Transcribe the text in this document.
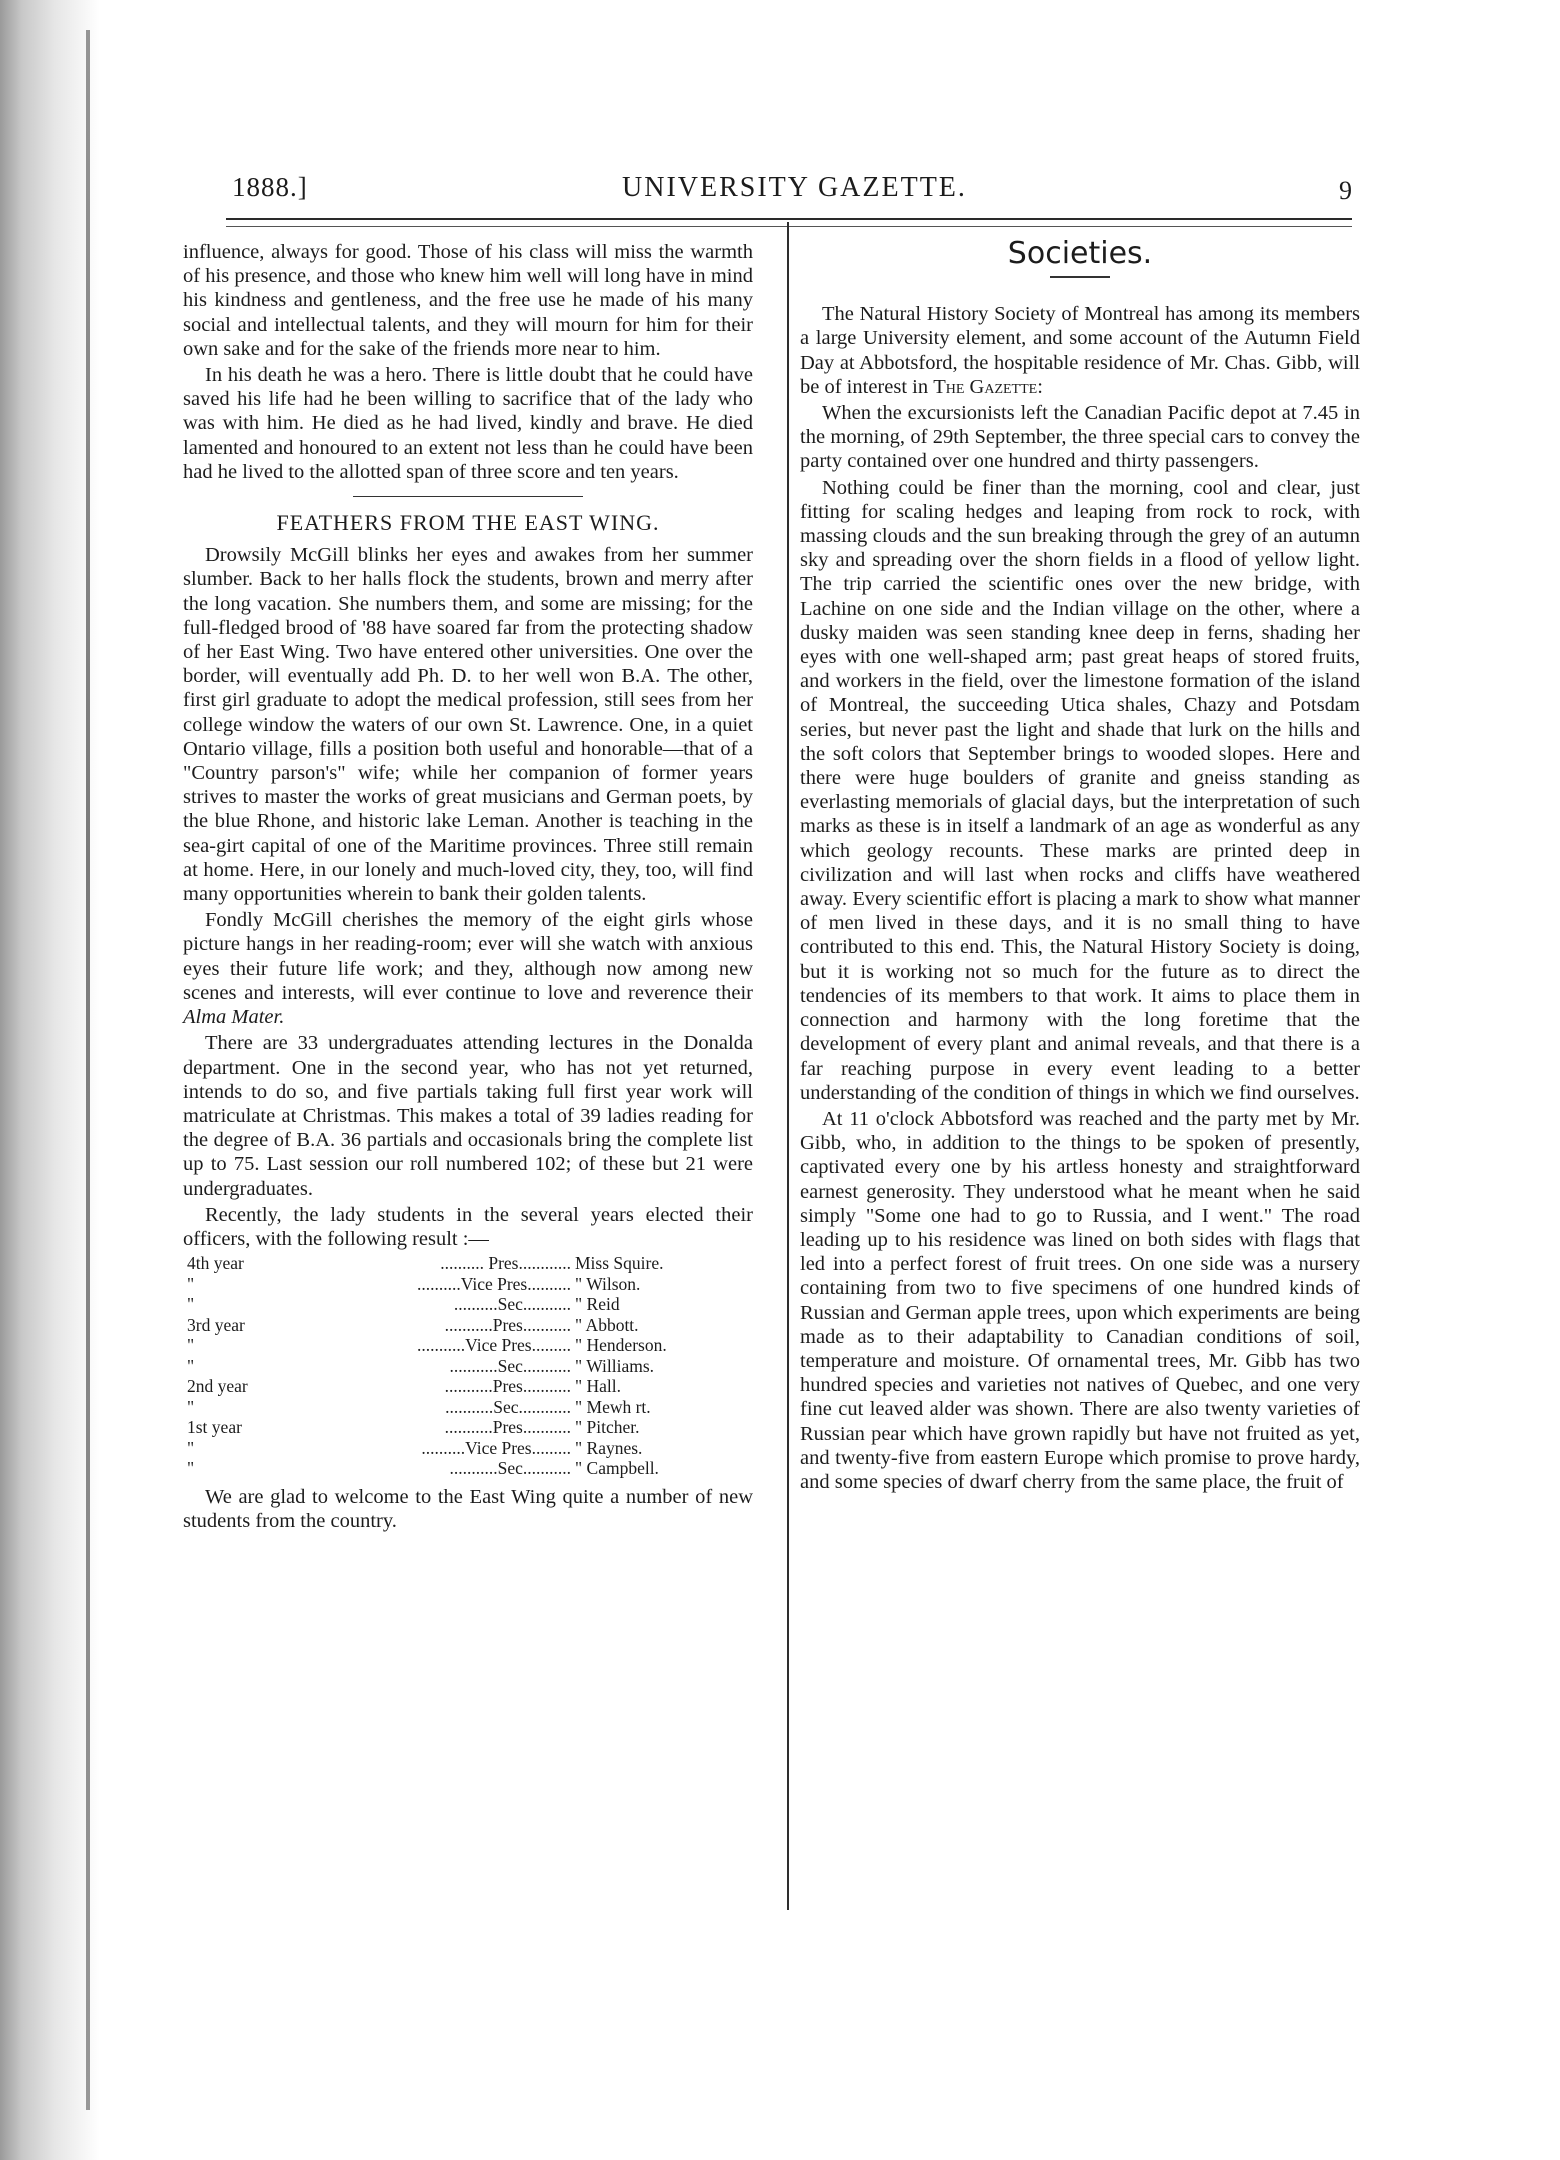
1888.]	UNIVERSITY GAZETTE.	9

influence, always for good. Those of his class will miss the warmth of his presence, and those who knew him well will long have in mind his kindness and gentleness, and the free use he made of his many social and intellectual talents, and they will mourn for him for their own sake and for the sake of the friends more near to him.

In his death he was a hero. There is little doubt that he could have saved his life had he been willing to sacrifice that of the lady who was with him. He died as he had lived, kindly and brave. He died lamented and honoured to an extent not less than he could have been had he lived to the allotted span of three score and ten years.

FEATHERS FROM THE EAST WING.

Drowsily McGill blinks her eyes and awakes from her summer slumber. Back to her halls flock the students, brown and merry after the long vacation. She numbers them, and some are missing; for the full-fledged brood of '88 have soared far from the protecting shadow of her East Wing. Two have entered other universities. One over the border, will eventually add Ph. D. to her well won B.A. The other, first girl graduate to adopt the medical profession, still sees from her college window the waters of our own St. Lawrence. One, in a quiet Ontario village, fills a position both useful and honorable—that of a "Country parson's" wife; while her companion of former years strives to master the works of great musicians and German poets, by the blue Rhone, and historic lake Leman. Another is teaching in the sea-girt capital of one of the Maritime provinces. Three still remain at home. Here, in our lonely and much-loved city, they, too, will find many opportunities wherein to bank their golden talents.

Fondly McGill cherishes the memory of the eight girls whose picture hangs in her reading-room; ever will she watch with anxious eyes their future life work; and they, although now among new scenes and interests, will ever continue to love and reverence their Alma Mater.

There are 33 undergraduates attending lectures in the Donalda department. One in the second year, who has not yet returned, intends to do so, and five partials taking full first year work will matriculate at Christmas. This makes a total of 39 ladies reading for the degree of B.A. 36 partials and occasionals bring the complete list up to 75. Last session our roll numbered 102; of these but 21 were undergraduates.

Recently, the lady students in the several years elected their officers, with the following result :—

4th year	.......... Pres............	Miss Squire.
"	..........Vice Pres..........	" Wilson.
"	..........Sec...........	" Reid
3rd year	...........Pres...........	" Abbott.
"	...........Vice Pres.........	" Henderson.
"	...........Sec...........	" Williams.
2nd year	...........Pres...........	" Hall.
"	...........Sec............	" Mewh rt.
1st year	...........Pres...........	" Pitcher.
"	..........Vice Pres.........	" Raynes.
"	...........Sec...........	" Campbell.

We are glad to welcome to the East Wing quite a number of new students from the country.

Societies.

The Natural History Society of Montreal has among its members a large University element, and some account of the Autumn Field Day at Abbotsford, the hospitable residence of Mr. Chas. Gibb, will be of interest in The Gazette:

When the excursionists left the Canadian Pacific depot at 7.45 in the morning, of 29th September, the three special cars to convey the party contained over one hundred and thirty passengers.

Nothing could be finer than the morning, cool and clear, just fitting for scaling hedges and leaping from rock to rock, with massing clouds and the sun breaking through the grey of an autumn sky and spreading over the shorn fields in a flood of yellow light. The trip carried the scientific ones over the new bridge, with Lachine on one side and the Indian village on the other, where a dusky maiden was seen standing knee deep in ferns, shading her eyes with one well-shaped arm; past great heaps of stored fruits, and workers in the field, over the limestone formation of the island of Montreal, the succeeding Utica shales, Chazy and Potsdam series, but never past the light and shade that lurk on the hills and the soft colors that September brings to wooded slopes. Here and there were huge boulders of granite and gneiss standing as everlasting memorials of glacial days, but the interpretation of such marks as these is in itself a landmark of an age as wonderful as any which geology recounts. These marks are printed deep in civilization and will last when rocks and cliffs have weathered away. Every scientific effort is placing a mark to show what manner of men lived in these days, and it is no small thing to have contributed to this end. This, the Natural History Society is doing, but it is working not so much for the future as to direct the tendencies of its members to that work. It aims to place them in connection and harmony with the long foretime that the development of every plant and animal reveals, and that there is a far reaching purpose in every event leading to a better understanding of the condition of things in which we find ourselves.

At 11 o'clock Abbotsford was reached and the party met by Mr. Gibb, who, in addition to the things to be spoken of presently, captivated every one by his artless honesty and straightforward earnest generosity. They understood what he meant when he said simply "Some one had to go to Russia, and I went." The road leading up to his residence was lined on both sides with flags that led into a perfect forest of fruit trees. On one side was a nursery containing from two to five specimens of one hundred kinds of Russian and German apple trees, upon which experiments are being made as to their adaptability to Canadian conditions of soil, temperature and moisture. Of ornamental trees, Mr. Gibb has two hundred species and varieties not natives of Quebec, and one very fine cut leaved alder was shown. There are also twenty varieties of Russian pear which have grown rapidly but have not fruited as yet, and twenty-five from eastern Europe which promise to prove hardy, and some species of dwarf cherry from the same place, the fruit of
